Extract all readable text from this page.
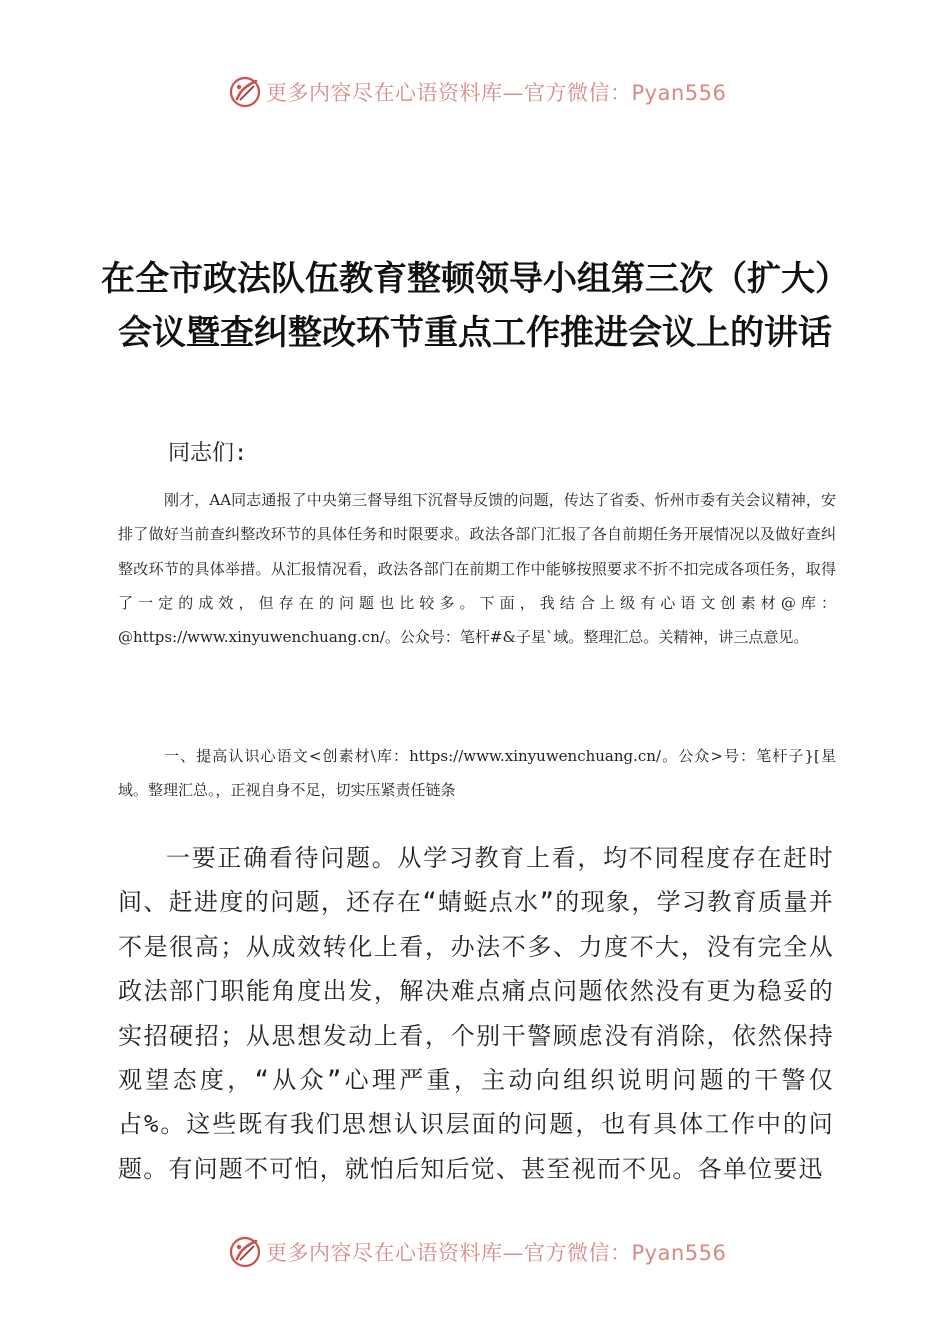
更多内容尽在心语资料库—官方微信：Pyan556
在全市政法队伍教育整顿领导小组第三次（扩大）会议暨查纠整改环节重点工作推进会议上的讲话
同志们:

刚才，AA同志通报了中央第三督导组下沉督导反馈的问题，传达了省委、忻州市委有关会议精神，安排了做好当前查纠整改环节的具体任务和时限要求。政法各部门汇报了各自前期任务开展情况以及做好查纠整改环节的具体举措。从汇报情况看，政法各部门在前期工作中能够按照要求不折不扣完成各项任务，取得了一定的成效，但存在的问题也比较多。下面，我结合上级有心语文创素材@库：@https://www.xinyuwenchuang.cn/。公众号：笔杆#&子星`域。整理汇总。关精神，讲三点意见。

一、提高认识心语文<创素材\库：https://www.xinyuwenchuang.cn/。公众>号：笔杆子}[星域。整理汇总。，正视自身不足，切实压紧责任链条

一要正确看待问题。从学习教育上看，均不同程度存在赶时间、赶进度的问题，还存在“蜻蜓点水”的现象，学习教育质量并不是很高；从成效转化上看，办法不多、力度不大，没有完全从政法部门职能角度出发，解决难点痛点问题依然没有更为稳妥的实招硬招；从思想发动上看，个别干警顾虑没有消除，依然保持观望态度，“从众”心理严重，主动向组织说明问题的干警仅占%。这些既有我们思想认识层面的问题，也有具体工作中的问题。有问题不可怕，就怕后知后觉、甚至视而不见。各单位要迅

更多内容尽在心语资料库—官方微信：Pyan556
